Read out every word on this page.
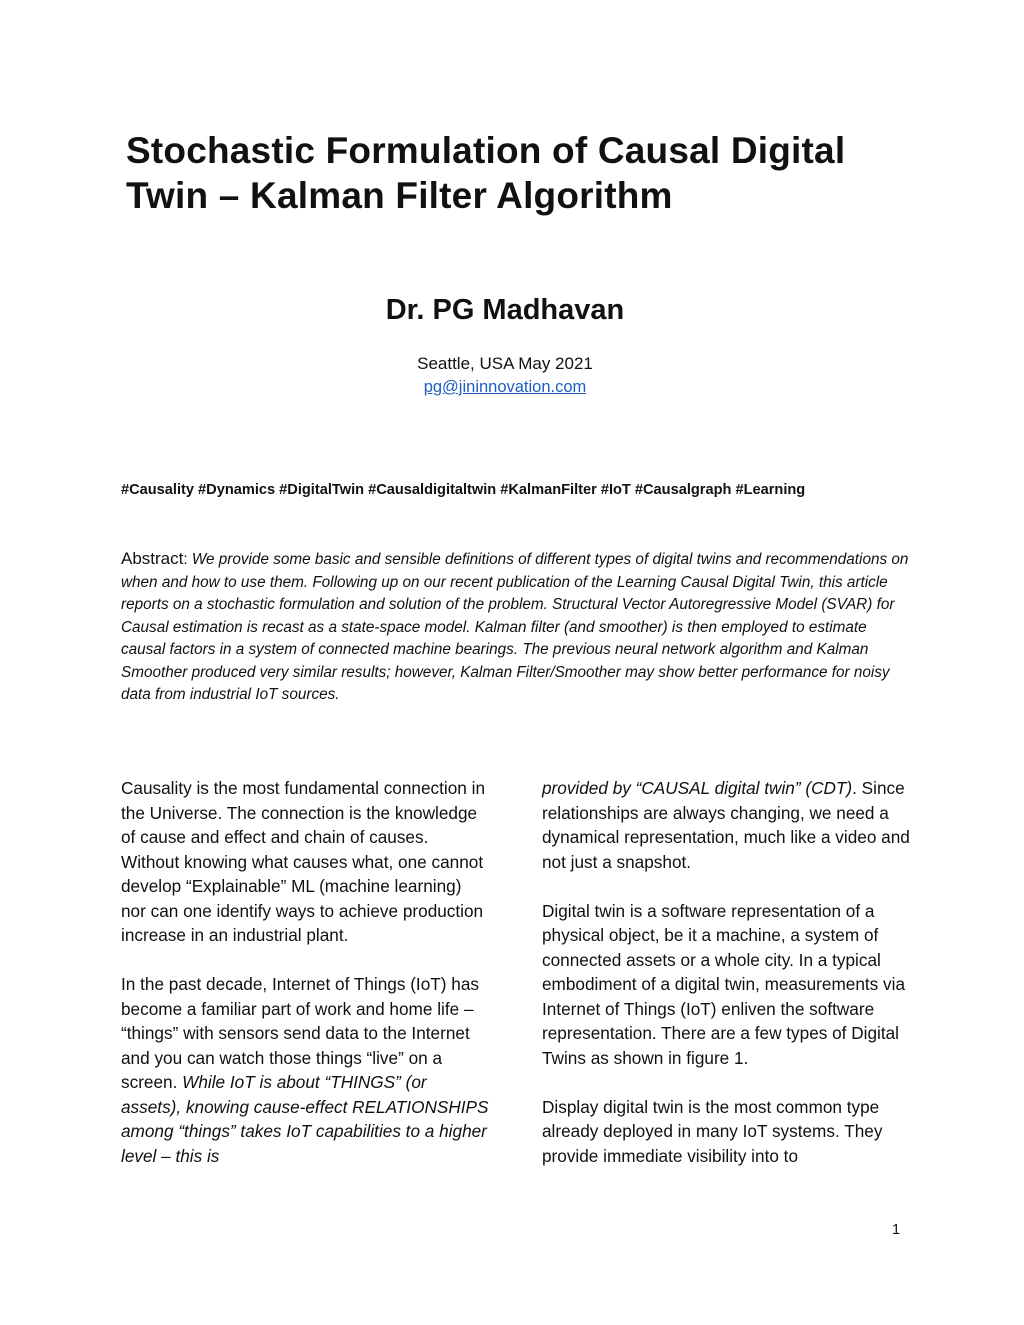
Stochastic Formulation of Causal Digital Twin – Kalman Filter Algorithm
Dr. PG Madhavan
Seattle, USA May 2021
pg@jininnovation.com
#Causality #Dynamics #DigitalTwin #Causaldigitaltwin #KalmanFilter #IoT #Causalgraph #Learning
Abstract: We provide some basic and sensible definitions of different types of digital twins and recommendations on when and how to use them. Following up on our recent publication of the Learning Causal Digital Twin, this article reports on a stochastic formulation and solution of the problem. Structural Vector Autoregressive Model (SVAR) for Causal estimation is recast as a state-space model. Kalman filter (and smoother) is then employed to estimate causal factors in a system of connected machine bearings. The previous neural network algorithm and Kalman Smoother produced very similar results; however, Kalman Filter/Smoother may show better performance for noisy data from industrial IoT sources.

Causality is the most fundamental connection in the Universe. The connection is the knowledge of cause and effect and chain of causes. Without knowing what causes what, one cannot develop “Explainable” ML (machine learning) nor can one identify ways to achieve production increase in an industrial plant.

In the past decade, Internet of Things (IoT) has become a familiar part of work and home life – “things” with sensors send data to the Internet and you can watch those things “live” on a screen. While IoT is about “THINGS” (or assets), knowing cause-effect RELATIONSHIPS among “things” takes IoT capabilities to a higher level – this is

provided by “CAUSAL digital twin” (CDT). Since relationships are always changing, we need a dynamical representation, much like a video and not just a snapshot.

Digital twin is a software representation of a physical object, be it a machine, a system of connected assets or a whole city. In a typical embodiment of a digital twin, measurements via Internet of Things (IoT) enliven the software representation. There are a few types of Digital Twins as shown in figure 1.

Display digital twin is the most common type already deployed in many IoT systems. They provide immediate visibility into to

1
